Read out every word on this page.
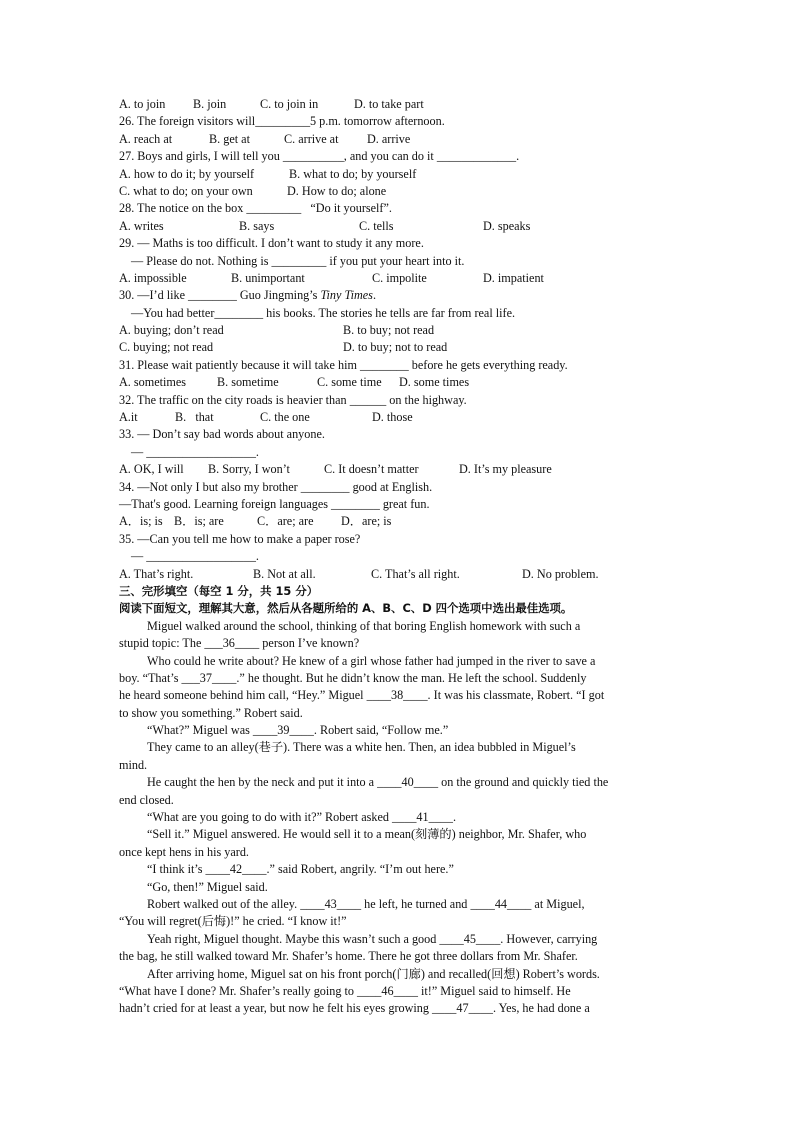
A. to join B. join	C. to join in	D. to take part
26. The foreign visitors will_________5 p.m. tomorrow afternoon.
A. reach at	B. get at	C. arrive at D. arrive
27. Boys and girls, I will tell you __________, and you can do it _____________.
A. how to do it; by yourself	B. what to do; by yourself
C. what to do; on your own	D. How to do; alone
28. The notice on the box _________   “Do it yourself”.
A. writes	B. says	C. tells	D. speaks
29. — Maths is too difficult. I don’t want to study it any more.
— Please do not. Nothing is _________ if you put your heart into it.
A. impossible	B. unimportant	C. impolite	D. impatient
30. —I’d like ________ Guo Jingming’s Tiny Times.
—You had better________ his books. The stories he tells are far from real life.
A. buying; don’t read	B. to buy; not read
C. buying; not read	D. to buy; not to read
31. Please wait patiently because it will take him ________ before he gets everything ready.
A. sometimes	B. sometime	C. some time D. some times
32. The traffic on the city roads is heavier than ______ on the highway.
A.it	B.   that	C. the one	D. those
33. — Don’t say bad words about anyone.
— __________________.
A. OK, I will B. Sorry, I won’t	C. It doesn’t matter	D. It’s my pleasure
34. —Not only I but also my brother ________ good at English.
—That's good. Learning foreign languages ________ great fun.
A．is; is B．is; are	C．are; are D．are; is
35. —Can you tell me how to make a paper rose?
— __________________.
A. That’s right.	B. Not at all.	C. That’s all right.	D. No problem.
三、完形填空（每空 1 分，共 15 分）
阅读下面短文，理解其大意，然后从各题所给的 A、B、C、D 四个选项中选出最佳选项。
Miguel walked around the school, thinking of that boring English homework with such a
stupid topic: The ___36____ person I’ve known?
Who could he write about? He knew of a girl whose father had jumped in the river to save a
boy. “That’s ___37____.” he thought. But he didn’t know the man. He left the school. Suddenly
he heard someone behind him call, “Hey.” Miguel ____38____. It was his classmate, Robert. “I got
to show you something.” Robert said.
“What?” Miguel was ____39____. Robert said, “Follow me.”
They came to an alley(巷子). There was a white hen. Then, an idea bubbled in Miguel’s
mind.
He caught the hen by the neck and put it into a ____40____ on the ground and quickly tied the
end closed.
“What are you going to do with it?” Robert asked ____41____.
“Sell it.” Miguel answered. He would sell it to a mean(刻薄的) neighbor, Mr. Shafer, who
once kept hens in his yard.
“I think it’s ____42____.” said Robert, angrily. “I’m out here.”
“Go, then!” Miguel said.
Robert walked out of the alley. ____43____ he left, he turned and ____44____ at Miguel,
“You will regret(后悔)!” he cried. “I know it!”
Yeah right, Miguel thought. Maybe this wasn’t such a good ____45____. However, carrying
the bag, he still walked toward Mr. Shafer’s home. There he got three dollars from Mr. Shafer.
After arriving home, Miguel sat on his front porch(门廊) and recalled(回想) Robert’s words.
“What have I done? Mr. Shafer’s really going to ____46____ it!” Miguel said to himself. He
hadn’t cried for at least a year, but now he felt his eyes growing ____47____. Yes, he had done a
